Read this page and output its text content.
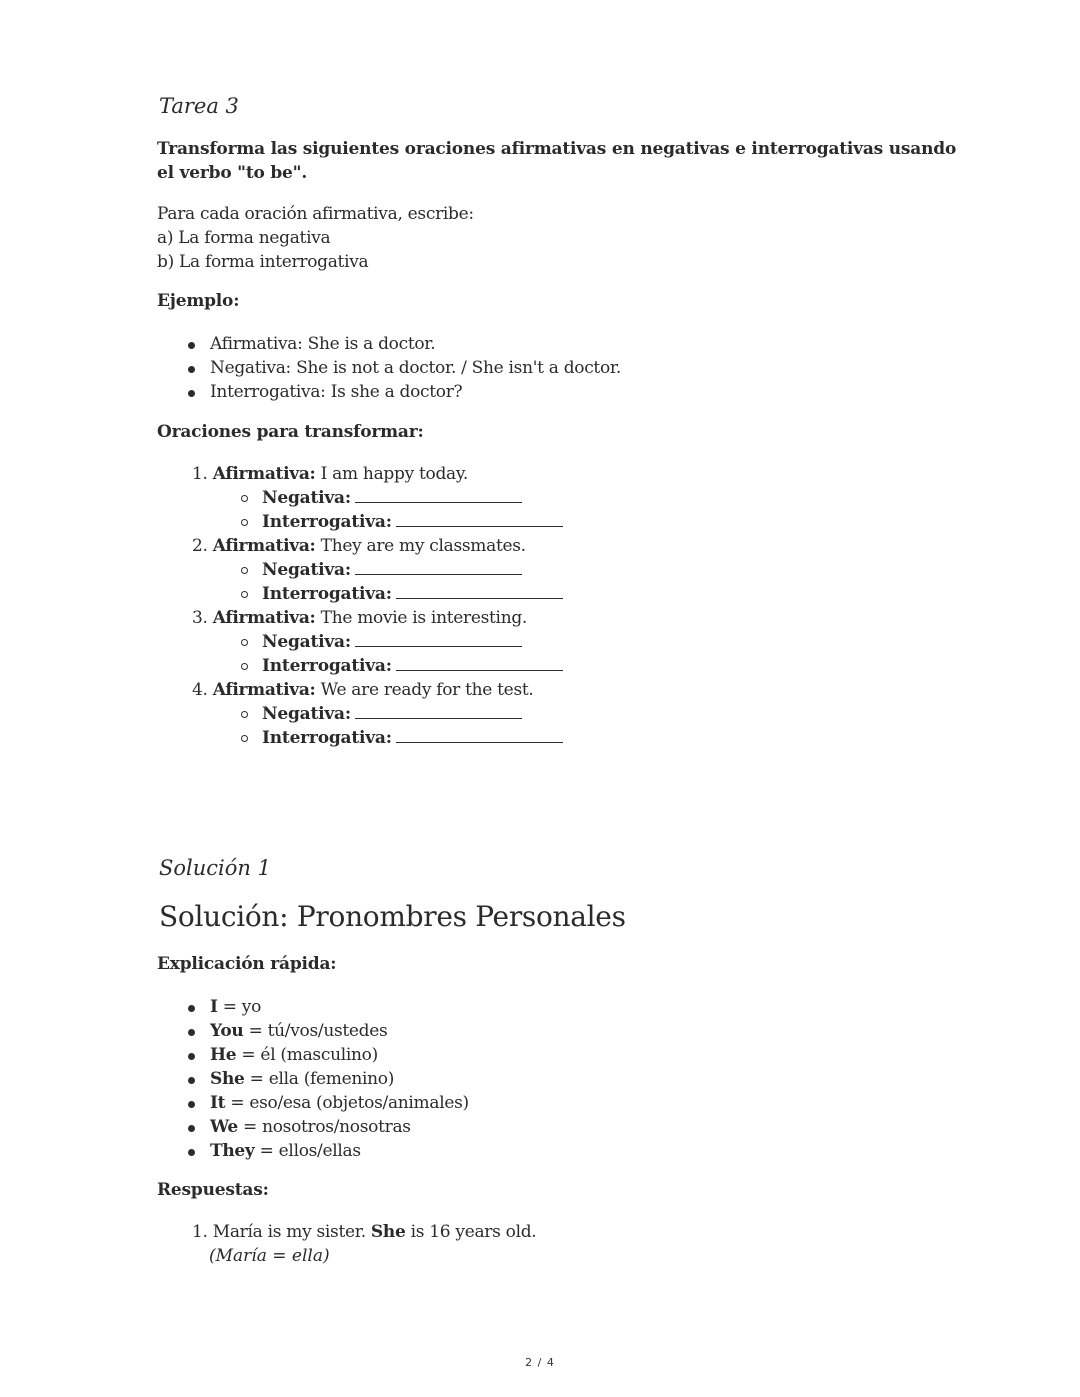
Tarea 3
Transforma las siguientes oraciones afirmativas en negativas e interrogativas usando el verbo "to be".
Para cada oración afirmativa, escribe:
a) La forma negativa
b) La forma interrogativa
Ejemplo:
Afirmativa: She is a doctor.
Negativa: She is not a doctor. / She isn't a doctor.
Interrogativa: Is she a doctor?
Oraciones para transformar:
1. Afirmativa: I am happy today.
Negativa:
Interrogativa:
2. Afirmativa: They are my classmates.
Negativa:
Interrogativa:
3. Afirmativa: The movie is interesting.
Negativa:
Interrogativa:
4. Afirmativa: We are ready for the test.
Negativa:
Interrogativa:
Solución 1
Solución: Pronombres Personales
Explicación rápida:
I = yo
You = tú/vos/ustedes
He = él (masculino)
She = ella (femenino)
It = eso/esa (objetos/animales)
We = nosotros/nosotras
They = ellos/ellas
Respuestas:
1. María is my sister. She is 16 years old.
(María = ella)
2 / 4
